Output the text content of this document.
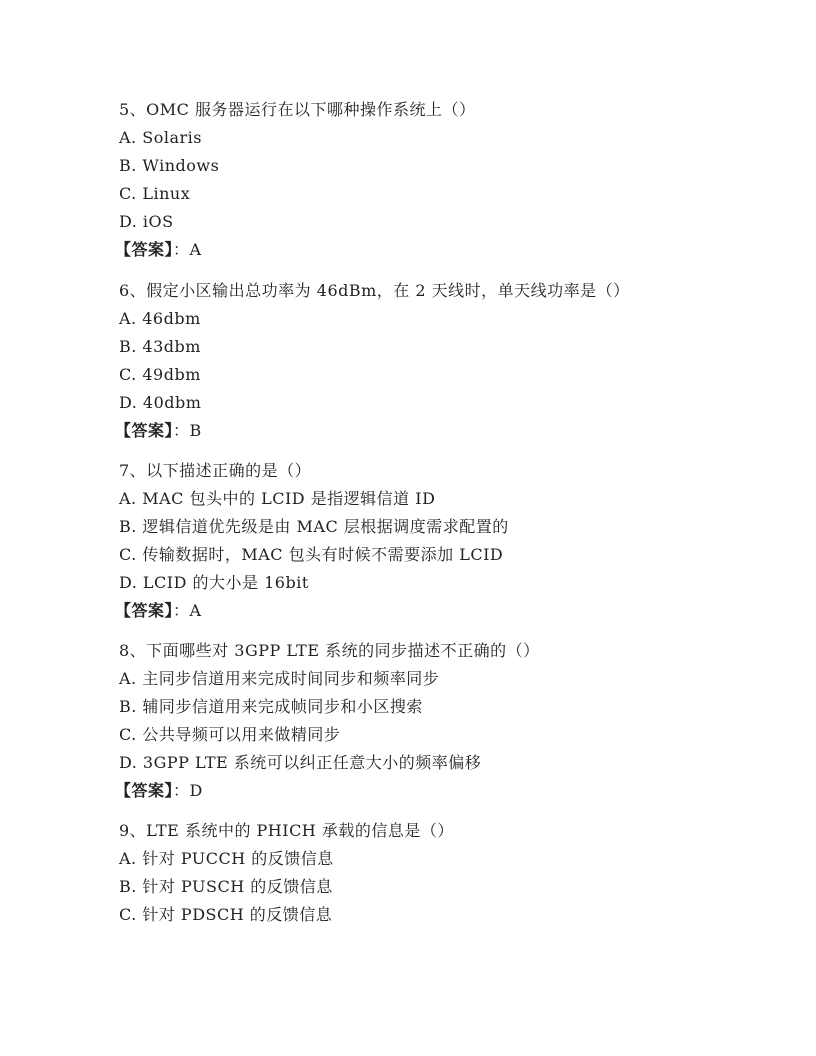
5、OMC 服务器运行在以下哪种操作系统上（）
A. Solaris
B. Windows
C. Linux
D. iOS
【答案】：A
6、假定小区输出总功率为 46dBm，在 2 天线时，单天线功率是（）
A. 46dbm
B. 43dbm
C. 49dbm
D. 40dbm
【答案】：B
7、以下描述正确的是（）
A. MAC 包头中的 LCID 是指逻辑信道 ID
B. 逻辑信道优先级是由 MAC 层根据调度需求配置的
C. 传输数据时，MAC 包头有时候不需要添加 LCID
D. LCID 的大小是 16bit
【答案】：A
8、下面哪些对 3GPP LTE 系统的同步描述不正确的（）
A. 主同步信道用来完成时间同步和频率同步
B. 辅同步信道用来完成帧同步和小区搜索
C. 公共导频可以用来做精同步
D. 3GPP LTE 系统可以纠正任意大小的频率偏移
【答案】：D
9、LTE 系统中的 PHICH 承载的信息是（）
A. 针对 PUCCH 的反馈信息
B. 针对 PUSCH 的反馈信息
C. 针对 PDSCH 的反馈信息
